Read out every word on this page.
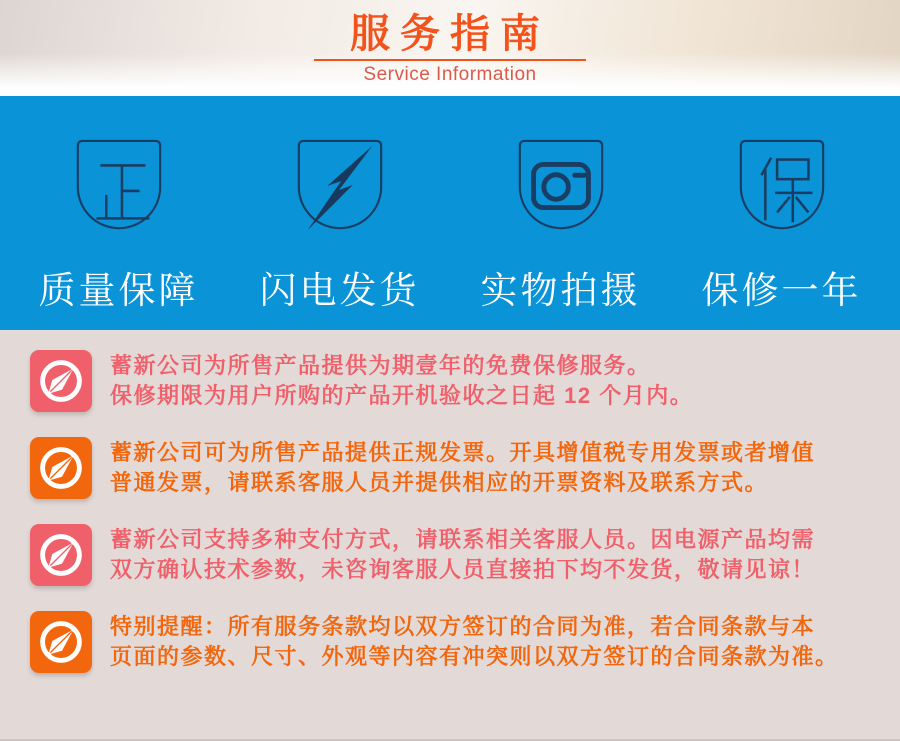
服务指南
Service Information
质量保障 闪电发货 实物拍摄 保修一年
蓄新公司为所售产品提供为期壹年的免费保修服务。
保修期限为用户所购的产品开机验收之日起 12 个月内。
蓄新公司可为所售产品提供正规发票。开具增值税专用发票或者增值
普通发票，请联系客服人员并提供相应的开票资料及联系方式。
蓄新公司支持多种支付方式，请联系相关客服人员。因电源产品均需
双方确认技术参数，未咨询客服人员直接拍下均不发货，敬请见谅！
特别提醒：所有服务条款均以双方签订的合同为准，若合同条款与本
页面的参数、尺寸、外观等内容有冲突则以双方签订的合同条款为准。
